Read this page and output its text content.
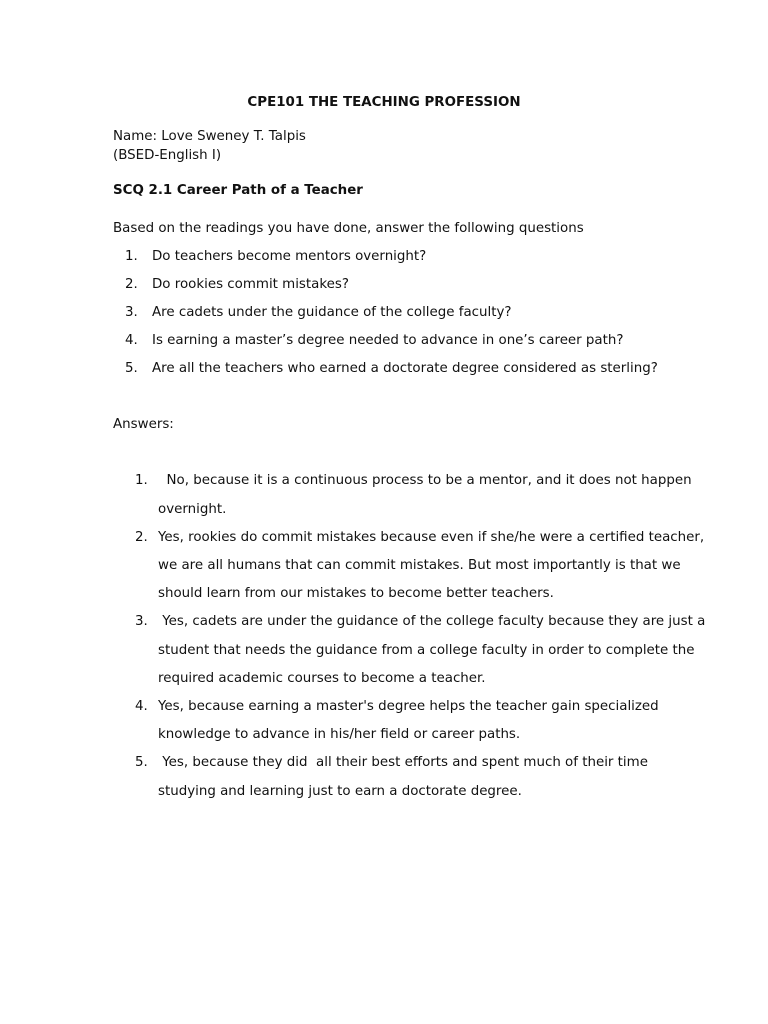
CPE101 THE TEACHING PROFESSION
Name: Love Sweney T. Talpis
(BSED-English I)
SCQ 2.1 Career Path of a Teacher
Based on the readings you have done, answer the following questions
1. Do teachers become mentors overnight?
2. Do rookies commit mistakes?
3. Are cadets under the guidance of the college faculty?
4. Is earning a master’s degree needed to advance in one’s career path?
5. Are all the teachers who earned a doctorate degree considered as sterling?
Answers:
1. No, because it is a continuous process to be a mentor, and it does not happen
overnight.
2. Yes, rookies do commit mistakes because even if she/he were a certified teacher,
we are all humans that can commit mistakes. But most importantly is that we
should learn from our mistakes to become better teachers.
3. Yes, cadets are under the guidance of the college faculty because they are just a
student that needs the guidance from a college faculty in order to complete the
required academic courses to become a teacher.
4. Yes, because earning a master's degree helps the teacher gain specialized
knowledge to advance in his/her field or career paths.
5. Yes, because they did  all their best efforts and spent much of their time
studying and learning just to earn a doctorate degree.
